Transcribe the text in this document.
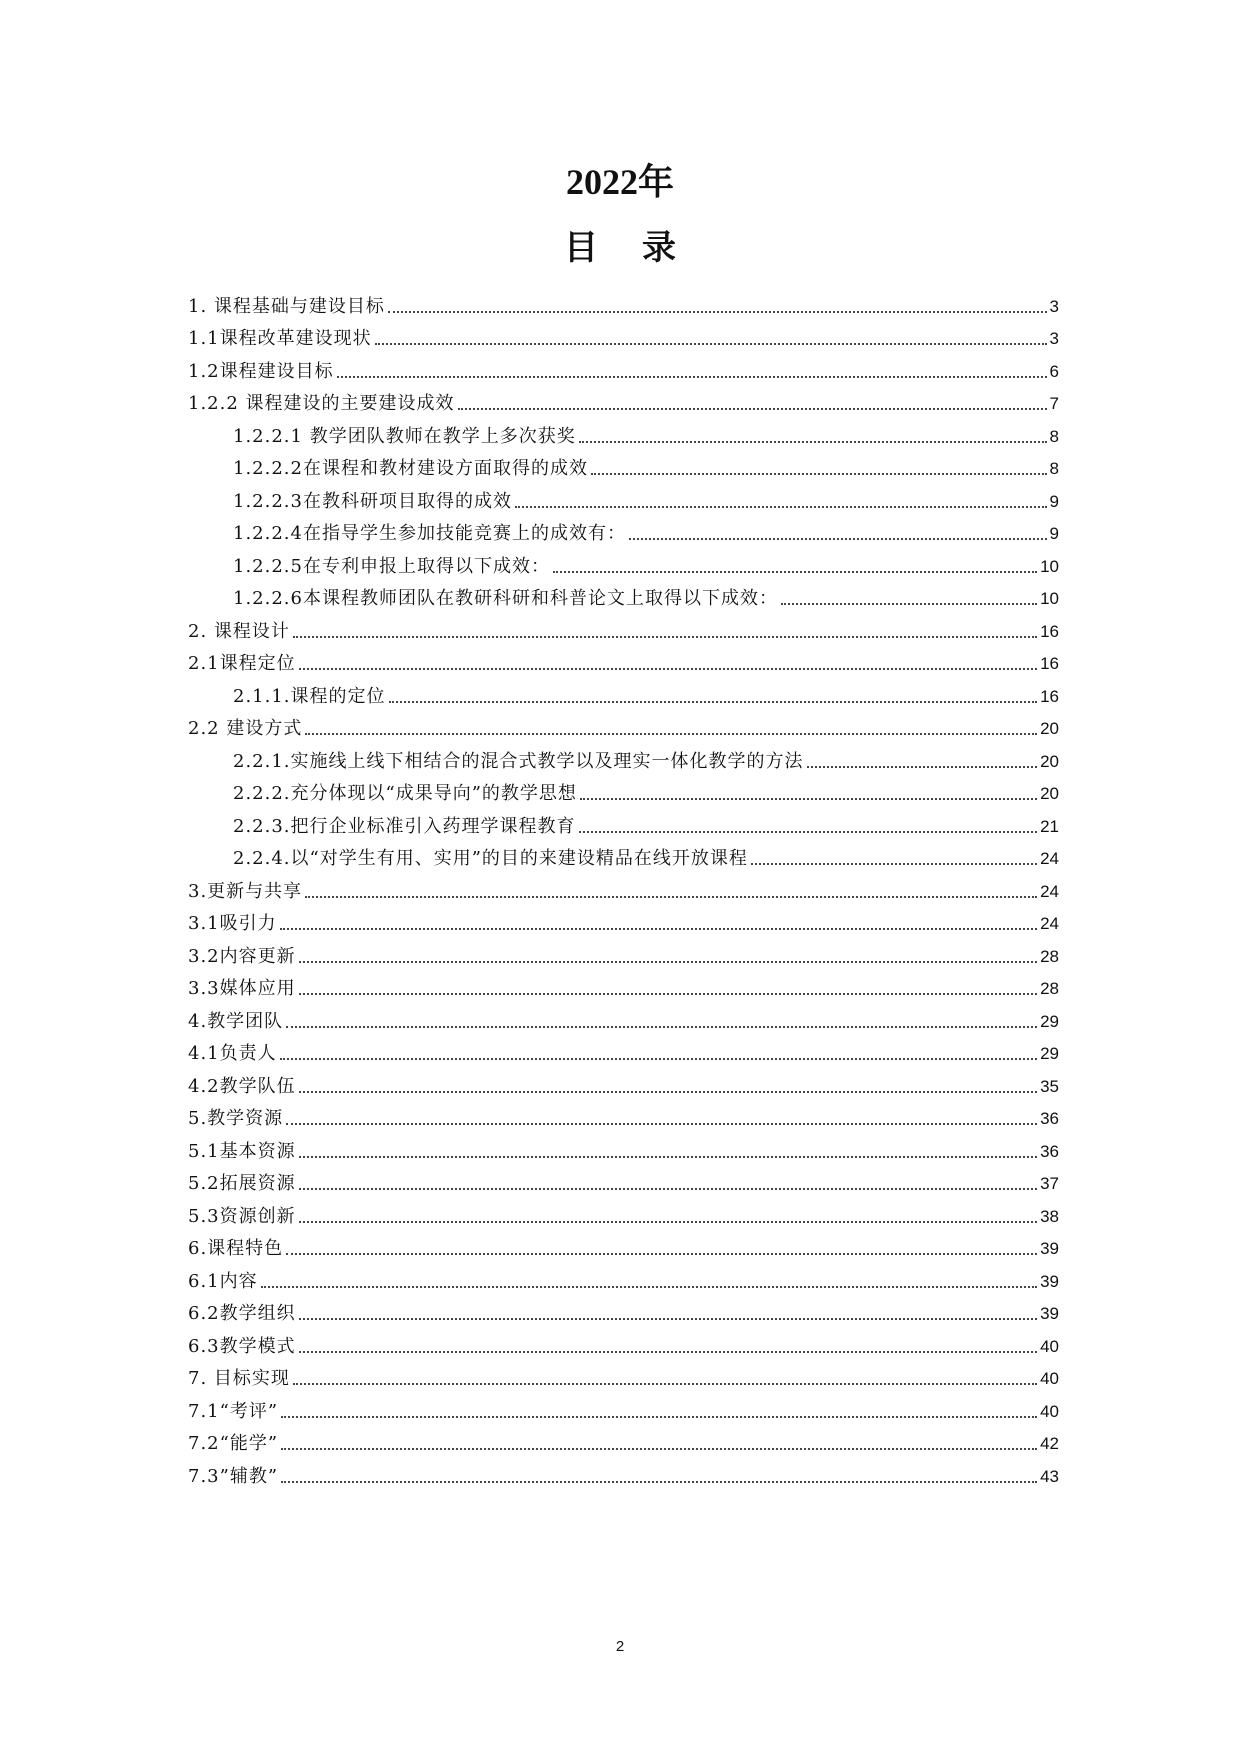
2022年
目录
1. 课程基础与建设目标	3
1.1课程改革建设现状	3
1.2课程建设目标	6
1.2.2 课程建设的主要建设成效	7
1.2.2.1 教学团队教师在教学上多次获奖	8
1.2.2.2在课程和教材建设方面取得的成效	8
1.2.2.3在教科研项目取得的成效	9
1.2.2.4在指导学生参加技能竞赛上的成效有：	9
1.2.2.5在专利申报上取得以下成效：	10
1.2.2.6本课程教师团队在教研科研和科普论文上取得以下成效：	10
2. 课程设计	16
2.1课程定位	16
2.1.1.课程的定位	16
2.2 建设方式	20
2.2.1.实施线上线下相结合的混合式教学以及理实一体化教学的方法	20
2.2.2.充分体现以“成果导向”的教学思想	20
2.2.3.把行企业标准引入药理学课程教育	21
2.2.4.以“对学生有用、实用”的目的来建设精品在线开放课程	24
3.更新与共享	24
3.1吸引力	24
3.2内容更新	28
3.3媒体应用	28
4.教学团队	29
4.1负责人	29
4.2教学队伍	35
5.教学资源	36
5.1基本资源	36
5.2拓展资源	37
5.3资源创新	38
6.课程特色	39
6.1内容	39
6.2教学组织	39
6.3教学模式	40
7. 目标实现	40
7.1“考评”	40
7.2“能学”	42
7.3”辅教”	43
2
